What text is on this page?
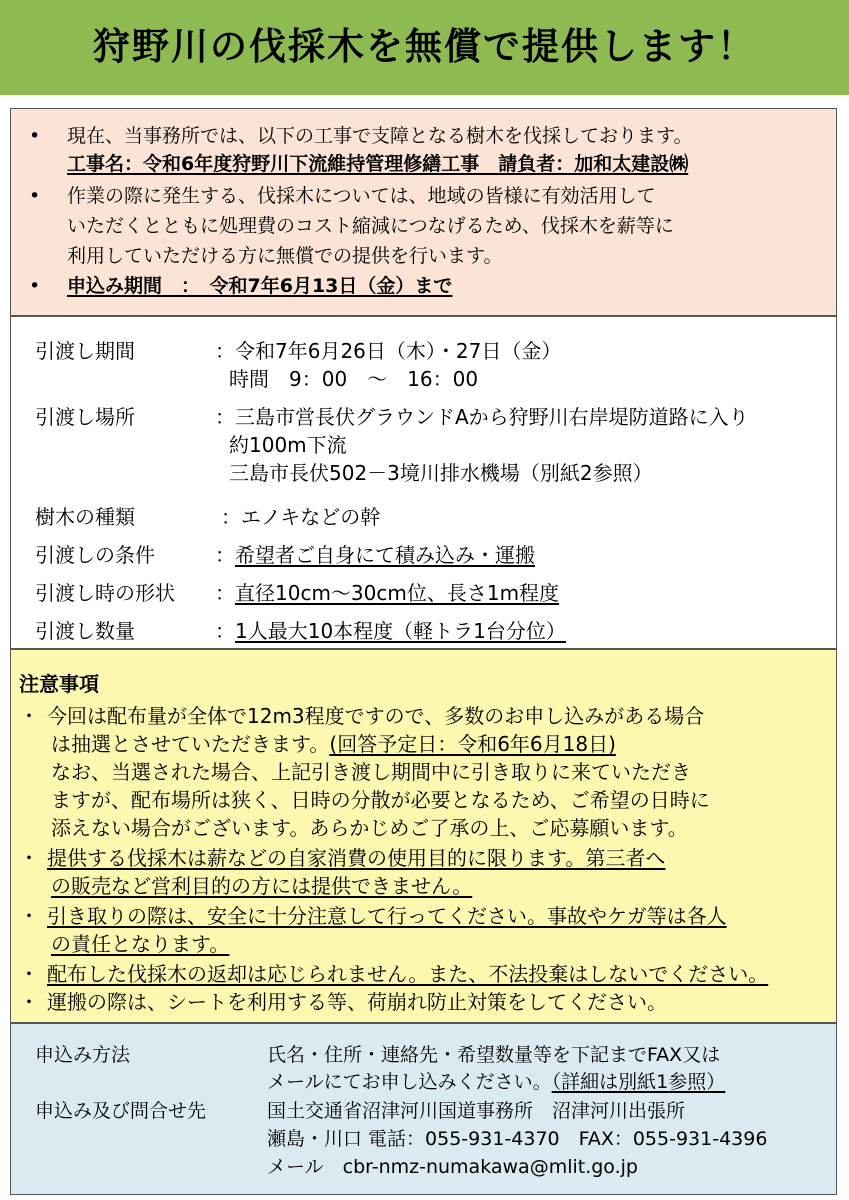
狩野川の伐採木を無償で提供します！
• 現在、当事務所では、以下の工事で支障となる樹木を伐採しております。
工事名：令和6年度狩野川下流維持管理修繕工事　請負者：加和太建設㈱
• 作業の際に発生する、伐採木については、地域の皆様に有効活用して
いただくとともに処理費のコスト縮減につなげるため、伐採木を薪等に
利用していただける方に無償での提供を行います。
• 申込み期間　：　令和7年6月13日（金）まで
引渡し期間	：令和7年6月26日（木）・27日（金）
時間　9：00　～　16：00
引渡し場所	：三島市営長伏グラウンドAから狩野川右岸堤防道路に入り
約100m下流
三島市長伏502－3境川排水機場（別紙2参照）
樹木の種類	：エノキなどの幹
引渡しの条件	：希望者ご自身にて積み込み・運搬
引渡し時の形状 ：直径10cm～30cm位、長さ1m程度
引渡し数量	：1人最大10本程度（軽トラ1台分位）
注意事項
・ 今回は配布量が全体で12m3程度ですので、多数のお申し込みがある場合
は抽選とさせていただきます。(回答予定日：令和6年6月18日)
なお、当選された場合、上記引き渡し期間中に引き取りに来ていただき
ますが、配布場所は狭く、日時の分散が必要となるため、ご希望の日時に
添えない場合がございます。あらかじめご了承の上、ご応募願います。
・ 提供する伐採木は薪などの自家消費の使用目的に限ります。第三者へ
の販売など営利目的の方には提供できません。
・ 引き取りの際は、安全に十分注意して行ってください。事故やケガ等は各人
の責任となります。
・ 配布した伐採木の返却は応じられません。また、不法投棄はしないでください。
・ 運搬の際は、シートを利用する等、荷崩れ防止対策をしてください。
申込み方法	氏名・住所・連絡先・希望数量等を下記までFAX又は
メールにてお申し込みください。（詳細は別紙1参照）
申込み及び問合せ先	国土交通省沼津河川国道事務所　沼津河川出張所
瀬島・川口 電話：055-931-4370　FAX：055-931-4396
メール　cbr-nmz-numakawa@mlit.go.jp
